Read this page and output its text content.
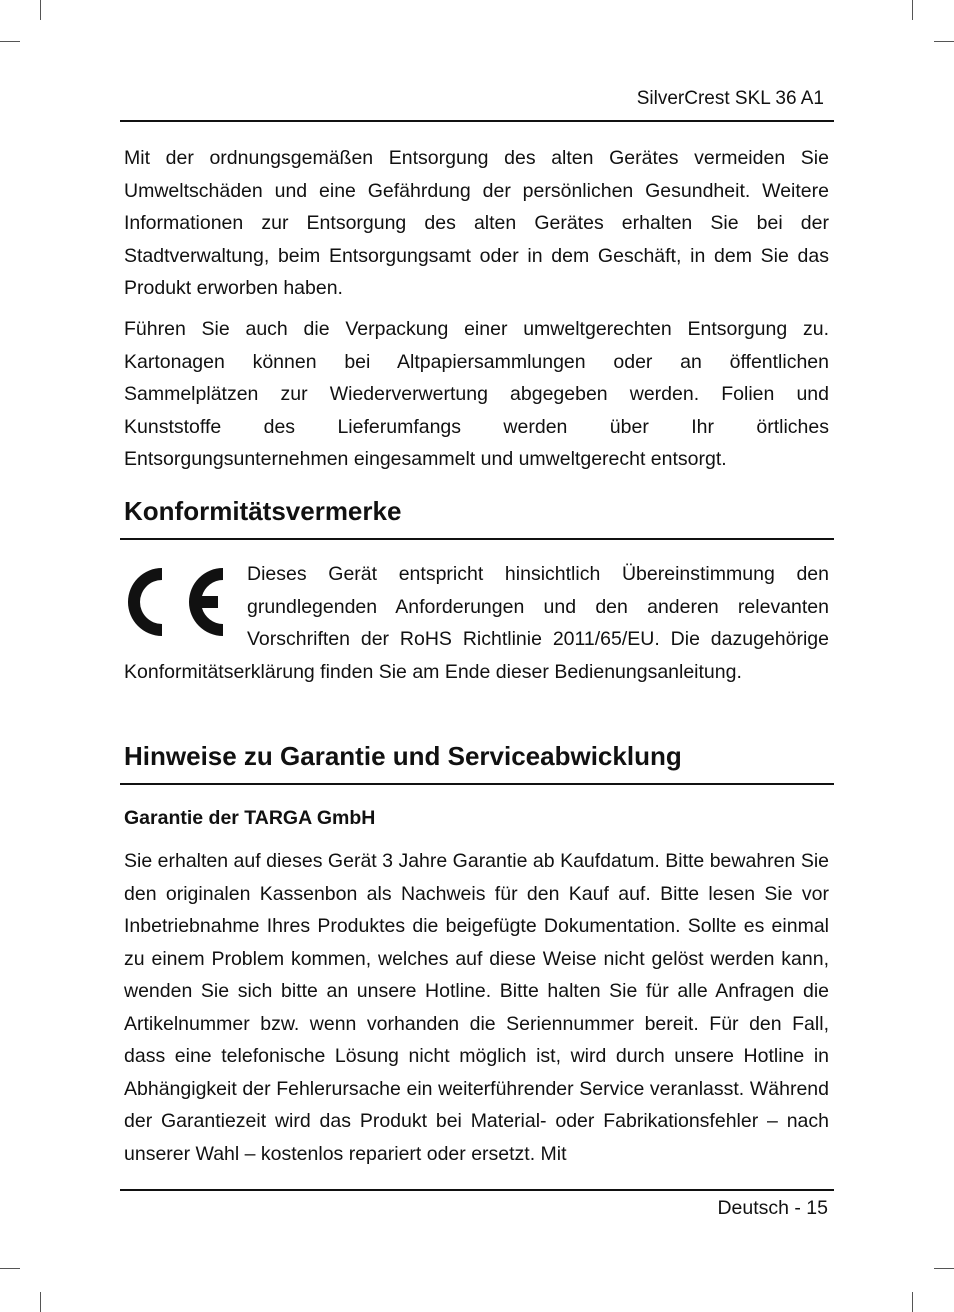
SilverCrest SKL 36 A1

Mit der ordnungsgemäßen Entsorgung des alten Gerätes vermeiden Sie Umweltschäden und eine Gefährdung der persönlichen Gesundheit. Weitere Informationen zur Entsorgung des alten Gerätes erhalten Sie bei der Stadtverwaltung, beim Entsorgungsamt oder in dem Geschäft, in dem Sie das Produkt erworben haben.

Führen Sie auch die Verpackung einer umweltgerechten Entsorgung zu. Kartonagen können bei Altpapiersammlungen oder an öffentlichen Sammelplätzen zur Wiederverwertung abgegeben werden. Folien und Kunststoffe des Lieferumfangs werden über Ihr örtliches Entsorgungsunternehmen eingesammelt und umweltgerecht entsorgt.

Konformitätsvermerke

Dieses Gerät entspricht hinsichtlich Übereinstimmung den grundlegenden Anforderungen und den anderen relevanten Vorschriften der RoHS Richtlinie 2011/65/EU. Die dazugehörige Konformitätserklärung finden Sie am Ende dieser Bedienungsanleitung.

Hinweise zu Garantie und Serviceabwicklung
Garantie der TARGA GmbH

Sie erhalten auf dieses Gerät 3 Jahre Garantie ab Kaufdatum. Bitte bewahren Sie den originalen Kassenbon als Nachweis für den Kauf auf. Bitte lesen Sie vor Inbetriebnahme Ihres Produktes die beigefügte Dokumentation. Sollte es einmal zu einem Problem kommen, welches auf diese Weise nicht gelöst werden kann, wenden Sie sich bitte an unsere Hotline. Bitte halten Sie für alle Anfragen die Artikelnummer bzw. wenn vorhanden die Seriennummer bereit. Für den Fall, dass eine telefonische Lösung nicht möglich ist, wird durch unsere Hotline in Abhängigkeit der Fehlerursache ein weiterführender Service veranlasst. Während der Garantiezeit wird das Produkt bei Material- oder Fabrikationsfehler – nach unserer Wahl – kostenlos repariert oder ersetzt. Mit

Deutsch - 15
